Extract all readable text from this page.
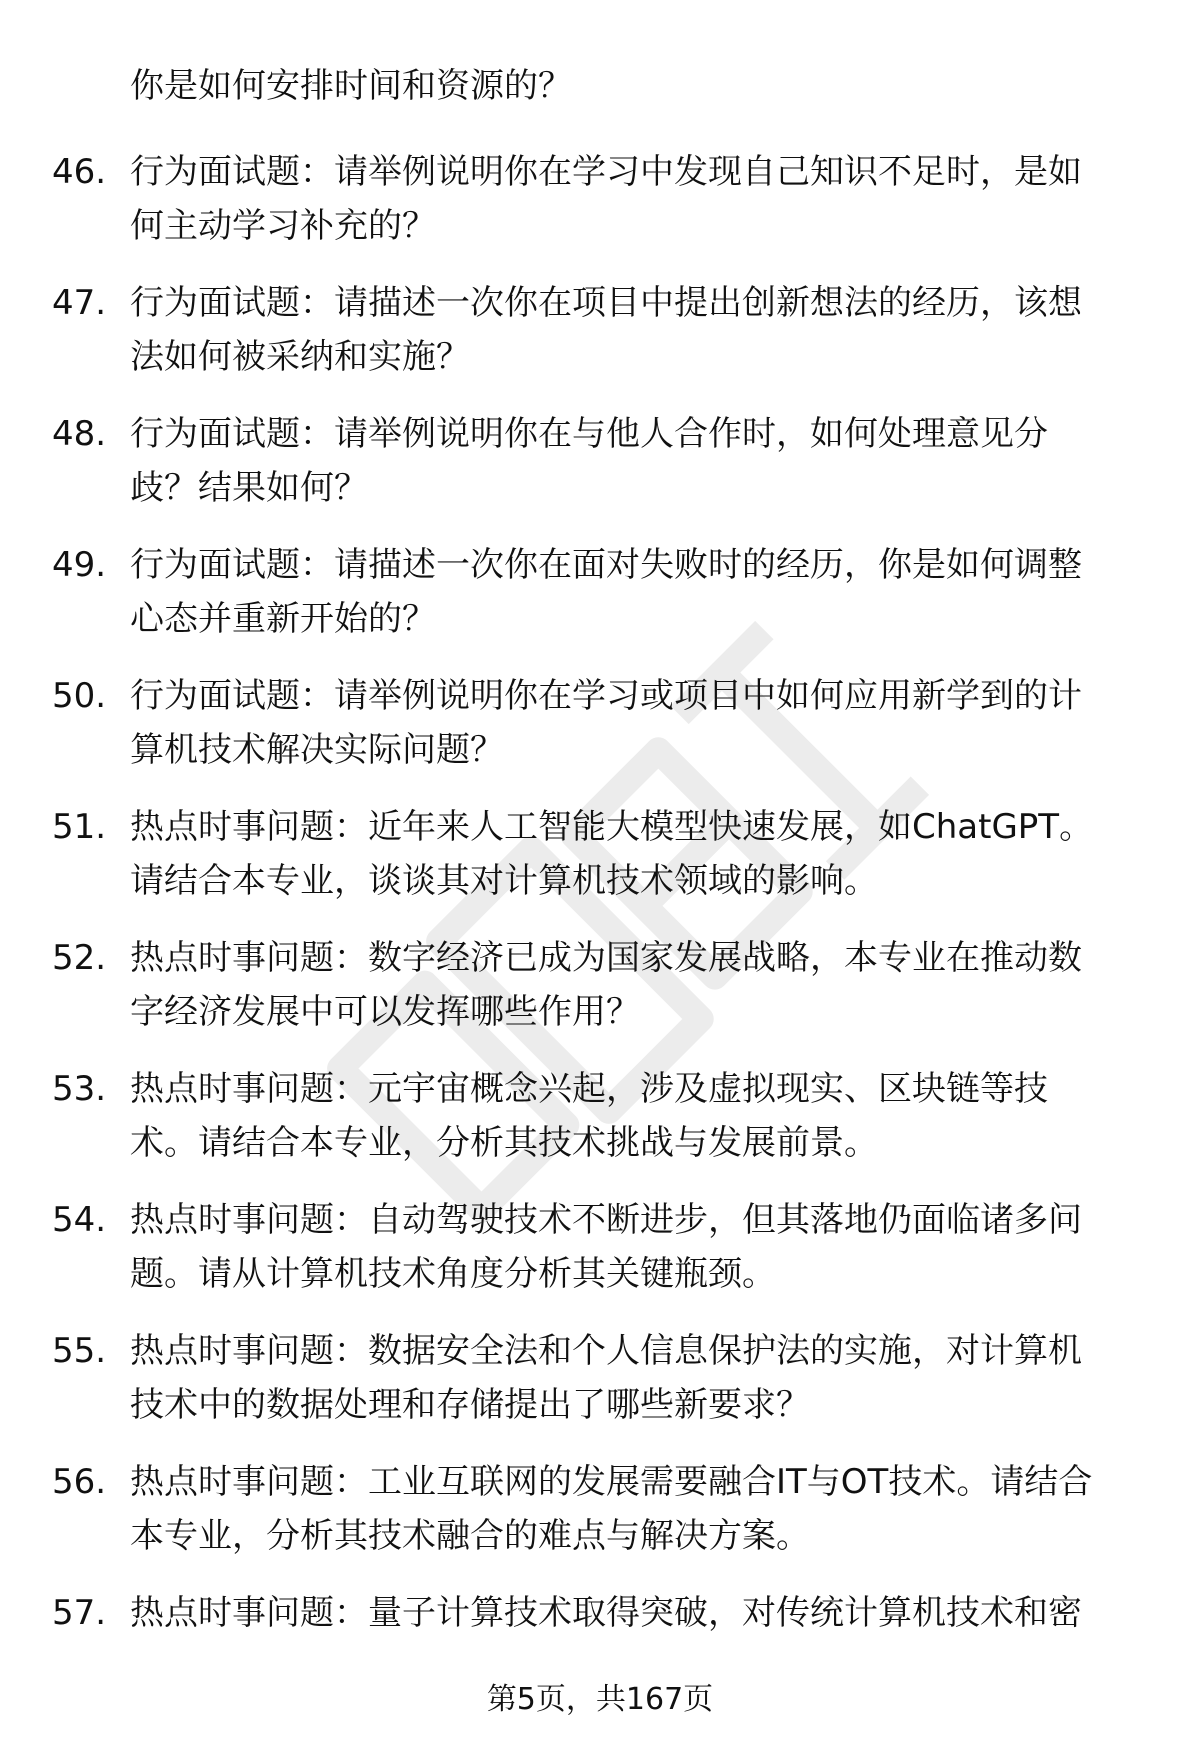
你是如何安排时间和资源的？
46. 行为面试题：请举例说明你在学习中发现自己知识不足时，是如
何主动学习补充的？
47. 行为面试题：请描述一次你在项目中提出创新想法的经历，该想
法如何被采纳和实施？
48. 行为面试题：请举例说明你在与他人合作时，如何处理意见分
歧？结果如何？
49. 行为面试题：请描述一次你在面对失败时的经历，你是如何调整
心态并重新开始的？
50. 行为面试题：请举例说明你在学习或项目中如何应用新学到的计
算机技术解决实际问题？
51. 热点时事问题：近年来人工智能大模型快速发展，如ChatGPT。
请结合本专业，谈谈其对计算机技术领域的影响。
52. 热点时事问题：数字经济已成为国家发展战略，本专业在推动数
字经济发展中可以发挥哪些作用？
53. 热点时事问题：元宇宙概念兴起，涉及虚拟现实、区块链等技
术。请结合本专业，分析其技术挑战与发展前景。
54. 热点时事问题：自动驾驶技术不断进步，但其落地仍面临诸多问
题。请从计算机技术角度分析其关键瓶颈。
55. 热点时事问题：数据安全法和个人信息保护法的实施，对计算机
技术中的数据处理和存储提出了哪些新要求？
56. 热点时事问题：工业互联网的发展需要融合IT与OT技术。请结合
本专业，分析其技术融合的难点与解决方案。
57. 热点时事问题：量子计算技术取得突破，对传统计算机技术和密
第5页，共167页
